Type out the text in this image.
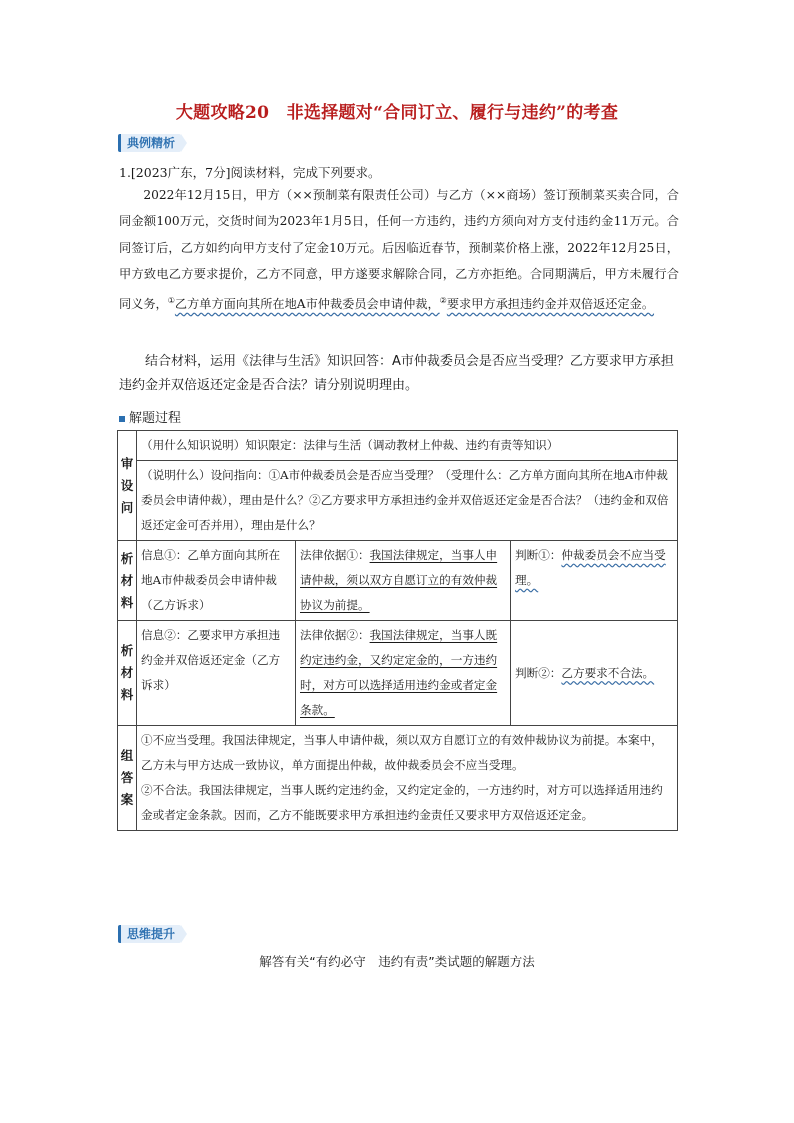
大题攻略20　非选择题对“合同订立、履行与违约”的考查
典例精析
1.[2023广东，7分]阅读材料，完成下列要求。
2022年12月15日，甲方（××预制菜有限责任公司）与乙方（××商场）签订预制菜买卖合同，合同金额100万元，交货时间为2023年1月5日，任何一方违约，违约方须向对方支付违约金11万元。合同签订后，乙方如约向甲方支付了定金10万元。后因临近春节，预制菜价格上涨，2022年12月25日，甲方致电乙方要求提价，乙方不同意，甲方遂要求解除合同，乙方亦拒绝。合同期满后，甲方未履行合同义务，①乙方单方面向其所在地A市仲裁委员会申请仲裁，②要求甲方承担违约金并双倍返还定金。
结合材料，运用《法律与生活》知识回答：A市仲裁委员会是否应当受理？乙方要求甲方承担违约金并双倍返还定金是否合法？请分别说明理由。
解题过程
审设问	（用什么知识说明）知识限定：法律与生活（调动教材上仲裁、违约有责等知识）		
	（说明什么）设问指向：①A市仲裁委员会是否应当受理？（受理什么：乙方单方面向其所在地A市仲裁委员会申请仲裁），理由是什么？②乙方要求甲方承担违约金并双倍返还定金是否合法？（违约金和双倍返还定金可否并用），理由是什么？		
析材料	信息①：乙单方面向其所在地A市仲裁委员会申请仲裁（乙方诉求）	法律依据①：我国法律规定，当事人申请仲裁，须以双方自愿订立的有效仲裁协议为前提。	判断①：仲裁委员会不应当受理。
析材料	信息②：乙要求甲方承担违约金并双倍返还定金（乙方诉求）	法律依据②：我国法律规定，当事人既约定违约金，又约定定金的，一方违约时，对方可以选择适用违约金或者定金条款。	判断②：乙方要求不合法。
组答案	①不应当受理。我国法律规定，当事人申请仲裁，须以双方自愿订立的有效仲裁协议为前提。本案中，乙方未与甲方达成一致协议，单方面提出仲裁，故仲裁委员会不应当受理。
②不合法。我国法律规定，当事人既约定违约金，又约定定金的，一方违约时，对方可以选择适用违约金或者定金条款。因而，乙方不能既要求甲方承担违约金责任又要求甲方双倍返还定金。		
思维提升
解答有关“有约必守　违约有责”类试题的解题方法
